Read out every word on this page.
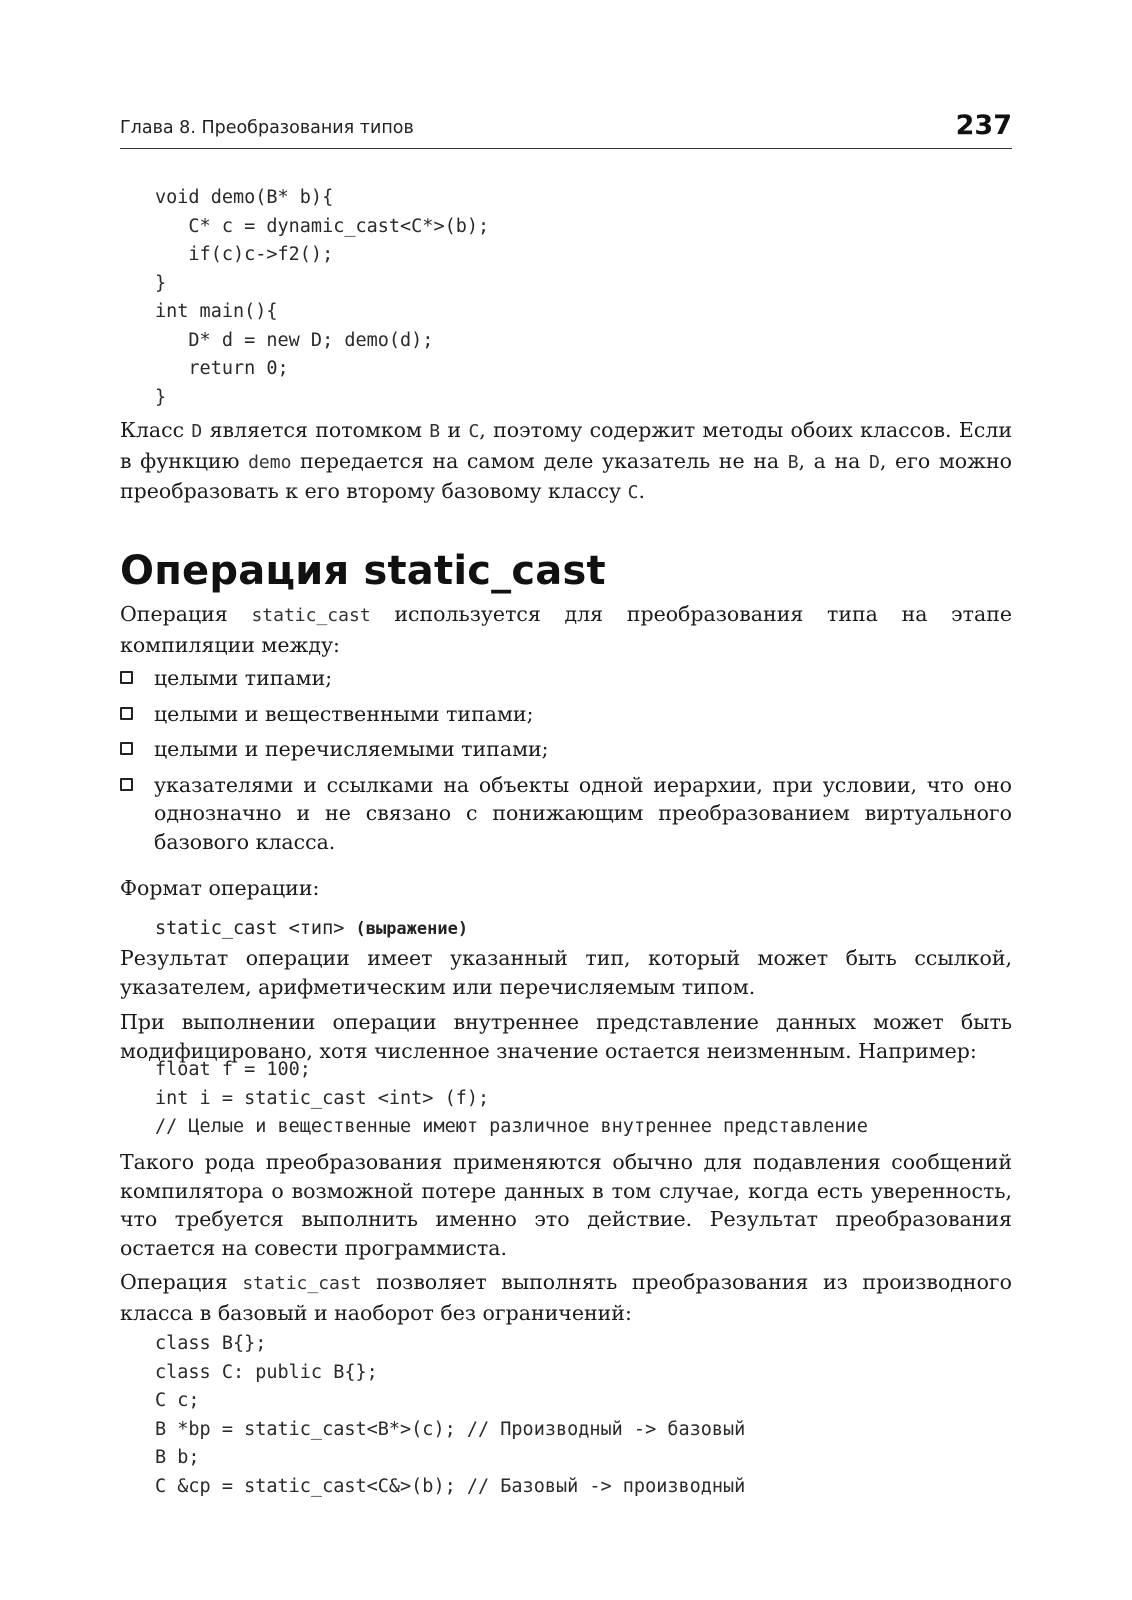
Глава 8. Преобразования типов	237
void demo(B* b){
C* c = dynamic_cast<C*>(b);
if(c)c->f2();
}
int main(){
D* d = new D; demo(d);
return 0;
}

Класс D является потомком B и C, поэтому содержит методы обоих классов. Если в функцию demo передается на самом деле указатель не на B, а на D, его можно преобразовать к его второму базовому классу C.

Операция static_cast

Операция static_cast используется для преобразования типа на этапе компиляции между:

целыми типами;
целыми и вещественными типами;
целыми и перечисляемыми типами;
указателями и ссылками на объекты одной иерархии, при условии, что оно однозначно и не связано с понижающим преобразованием виртуального базового класса.

Формат операции:

static_cast <тип> (выражение)

Результат операции имеет указанный тип, который может быть ссылкой, указателем, арифметическим или перечисляемым типом.

При выполнении операции внутреннее представление данных может быть модифицировано, хотя численное значение остается неизменным. Например:

float f = 100;
int i = static_cast <int> (f);
// Целые и вещественные имеют различное внутреннее представление

Такого рода преобразования применяются обычно для подавления сообщений компилятора о возможной потере данных в том случае, когда есть уверенность, что требуется выполнить именно это действие. Результат преобразования остается на совести программиста.

Операция static_cast позволяет выполнять преобразования из производного класса в базовый и наоборот без ограничений:

class B{};
class C: public B{};
C c;
B *bp = static_cast<B*>(c); // Производный -> базовый
B b;
C &cp = static_cast<C&>(b); // Базовый -> производный
